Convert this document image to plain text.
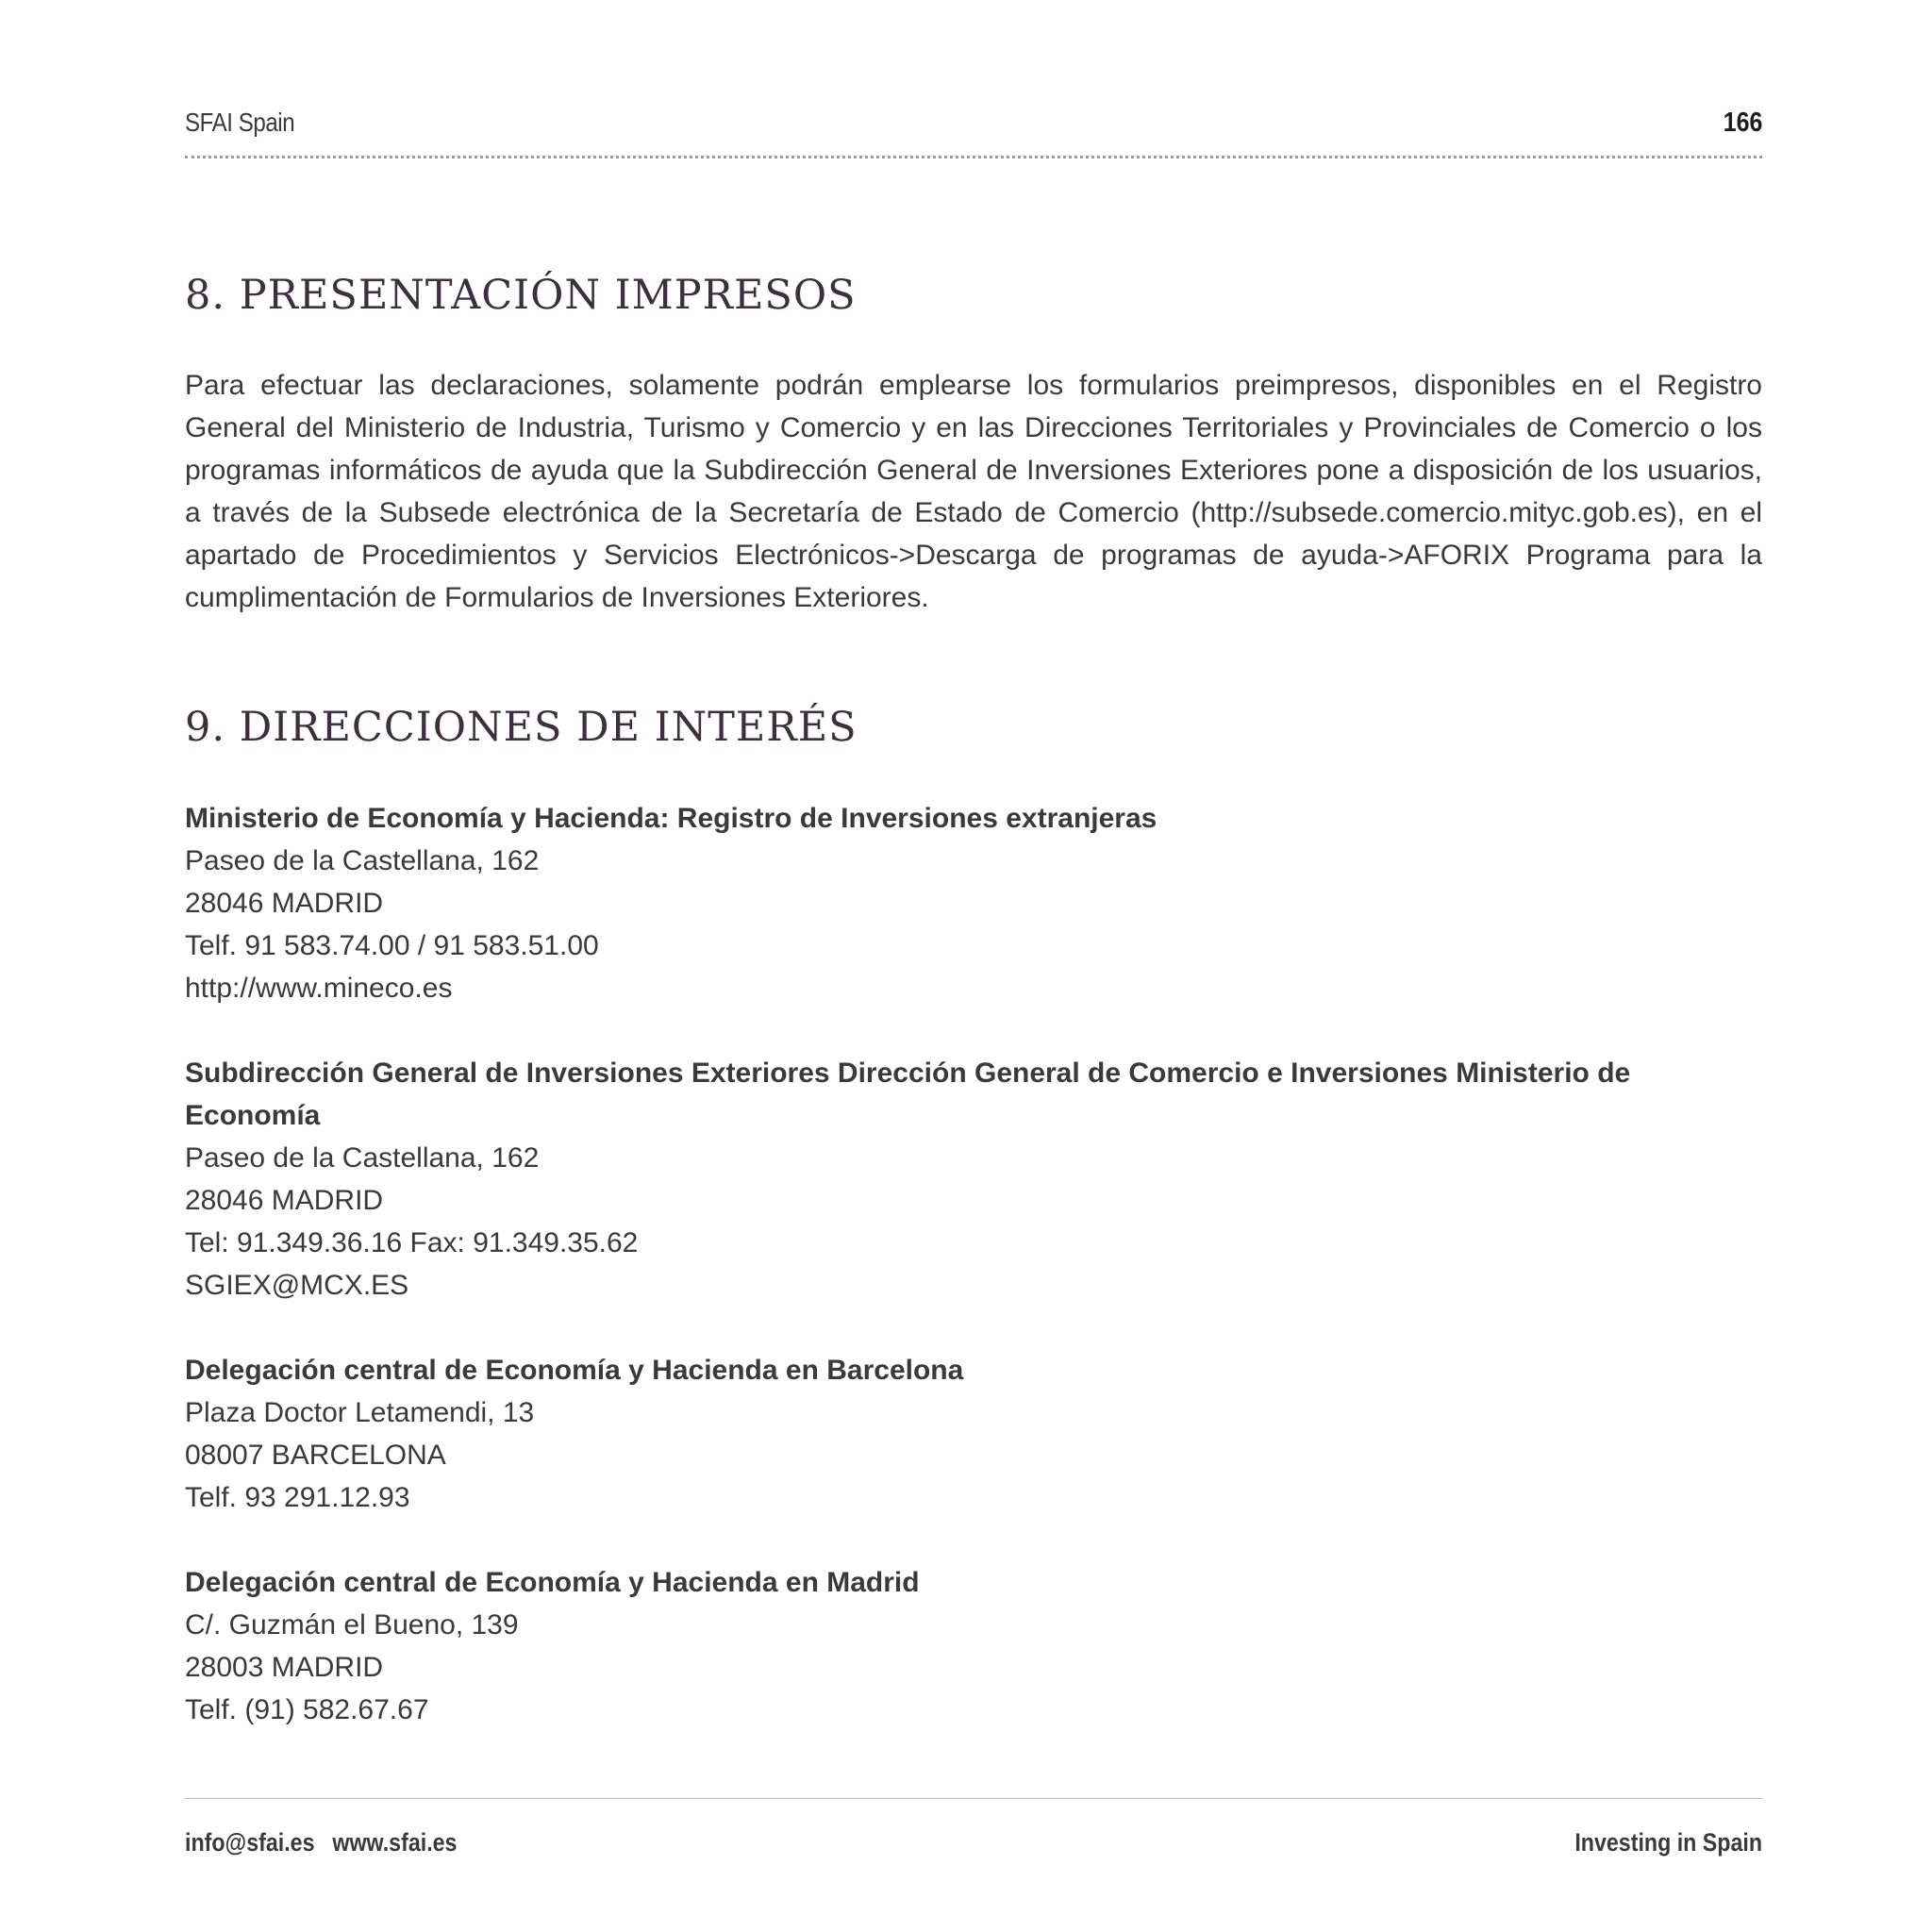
SFAI Spain	166
8. PRESENTACIÓN IMPRESOS

Para efectuar las declaraciones, solamente podrán emplearse los formularios preimpresos, disponibles en el Registro General del Ministerio de Industria, Turismo y Comercio y en las Direcciones Territoriales y Provinciales de Comercio o los programas informáticos de ayuda que la Subdirección General de Inversiones Exteriores pone a disposición de los usuarios, a través de la Subsede electrónica de la Secretaría de Estado de Comercio (http://subsede.comercio.mityc.gob.es), en el apartado de Procedimientos y Servicios Electrónicos->Descarga de programas de ayuda->AFORIX Programa para la cumplimentación de Formularios de Inversiones Exteriores.

9. DIRECCIONES DE INTERÉS

Ministerio de Economía y Hacienda: Registro de Inversiones extranjeras

Paseo de la Castellana, 162

28046 MADRID

Telf. 91 583.74.00 / 91 583.51.00

http://www.mineco.es

Subdirección General de Inversiones Exteriores Dirección General de Comercio e Inversiones Ministerio de Economía

Paseo de la Castellana, 162

28046 MADRID

Tel: 91.349.36.16 Fax: 91.349.35.62

SGIEX@MCX.ES

Delegación central de Economía y Hacienda en Barcelona

Plaza Doctor Letamendi, 13

08007 BARCELONA

Telf. 93 291.12.93

Delegación central de Economía y Hacienda en Madrid

C/. Guzmán el Bueno, 139

28003 MADRID

Telf. (91) 582.67.67

info@sfai.es www.sfai.es	Investing in Spain
